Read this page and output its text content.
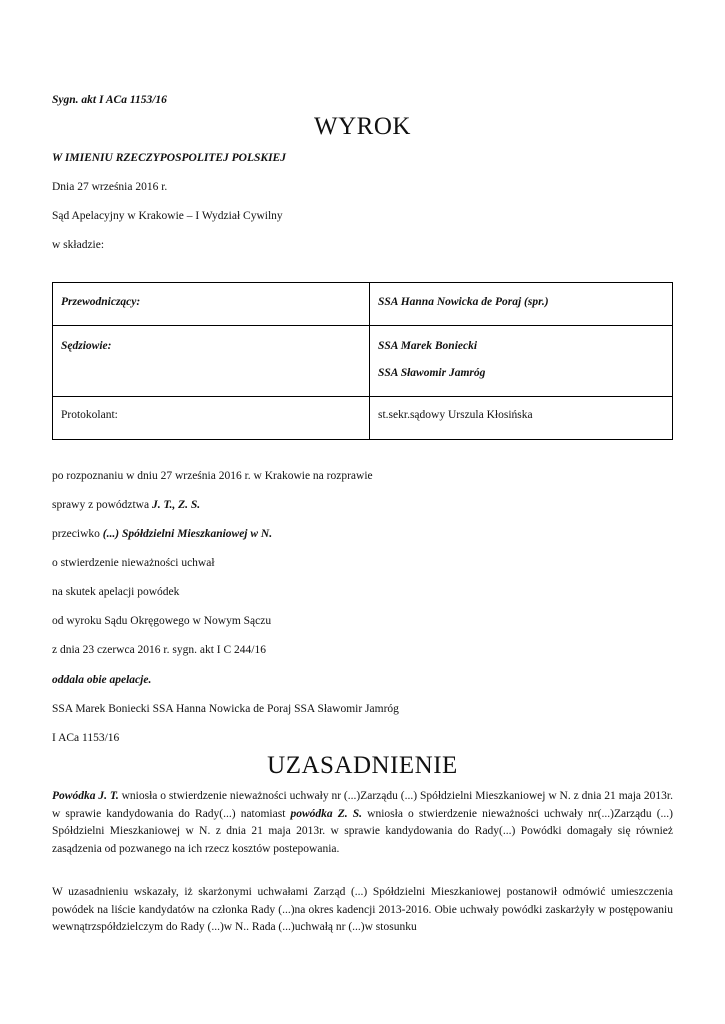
Sygn. akt I ACa 1153/16
WYROK
W IMIENIU RZECZYPOSPOLITEJ POLSKIEJ
Dnia 27 września 2016 r.
Sąd Apelacyjny w Krakowie – I Wydział Cywilny
w składzie:
Przewodniczący:	SSA Hanna Nowicka de Poraj (spr.)
Sędziowie:	SSA Marek Boniecki
SSA Sławomir Jamróg

Protokolant:	st.sekr.sądowy Urszula Kłosińska
po rozpoznaniu w dniu 27 września 2016 r. w Krakowie na rozprawie
sprawy z powództwa J. T., Z. S.
przeciwko (...) Spółdzielni Mieszkaniowej w N.
o stwierdzenie nieważności uchwał
na skutek apelacji powódek
od wyroku Sądu Okręgowego w Nowym Sączu
z dnia 23 czerwca 2016 r. sygn. akt I C 244/16
oddala obie apelacje.
SSA Marek Boniecki SSA Hanna Nowicka de Poraj SSA Sławomir Jamróg
I ACa 1153/16
UZASADNIENIE
Powódka J. T. wniosła o stwierdzenie nieważności uchwały nr (...)Zarządu (...) Spółdzielni Mieszkaniowej w N. z dnia 21 maja 2013r. w sprawie kandydowania do Rady(...) natomiast powódka Z. S. wniosła o stwierdzenie nieważności uchwały nr(...)Zarządu (...) Spółdzielni Mieszkaniowej w N. z dnia 21 maja 2013r. w sprawie kandydowania do Rady(...) Powódki domagały się również zasądzenia od pozwanego na ich rzecz kosztów postepowania.
W uzasadnieniu wskazały, iż skarżonymi uchwałami Zarząd (...) Spółdzielni Mieszkaniowej postanowił odmówić umieszczenia powódek na liście kandydatów na członka Rady (...)na okres kadencji 2013-2016. Obie uchwały powódki zaskarżyły w postępowaniu wewnątrzspółdzielczym do Rady (...)w N.. Rada (...)uchwałą nr (...)w stosunku
